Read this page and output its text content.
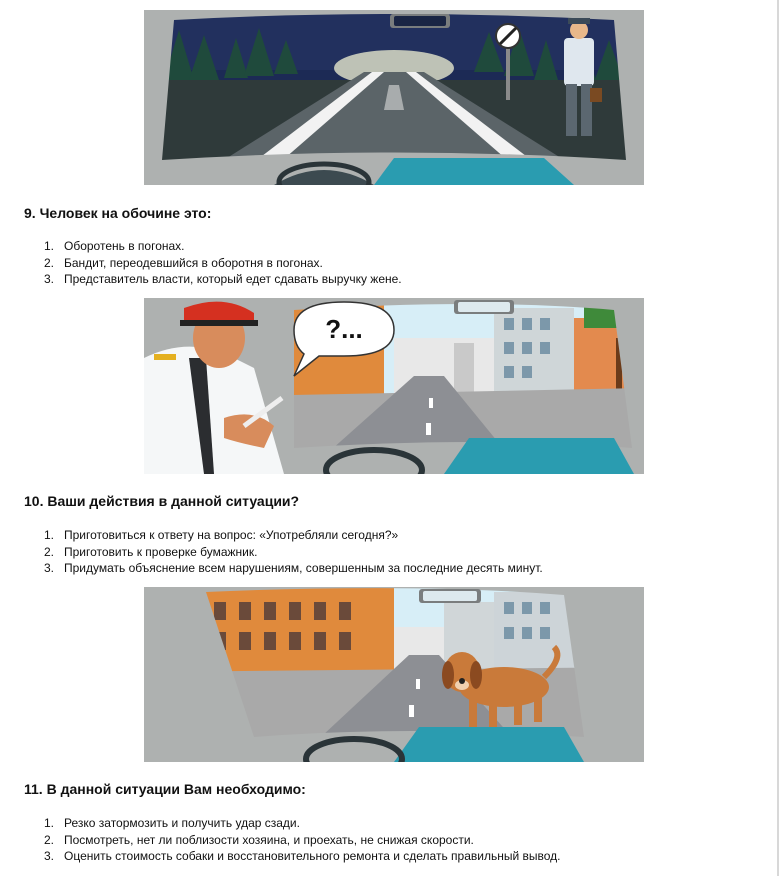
9. Человек на обочине это:
1. Оборотень в погонах.
2. Бандит, переодевшийся в оборотня в погонах.
3. Представитель власти, который едет сдавать выручку жене.
?...
10. Ваши действия в данной ситуации?
1. Приготовиться к ответу на вопрос: «Употребляли сегодня?»
2. Приготовить к проверке бумажник.
3. Придумать объяснение всем нарушениям, совершенным за последние десять минут.
11. В данной ситуации Вам необходимо:
1. Резко затормозить и получить удар сзади.
2. Посмотреть, нет ли поблизости хозяина, и проехать, не снижая скорости.
3. Оценить стоимость собаки и восстановительного ремонта и сделать правильный вывод.
